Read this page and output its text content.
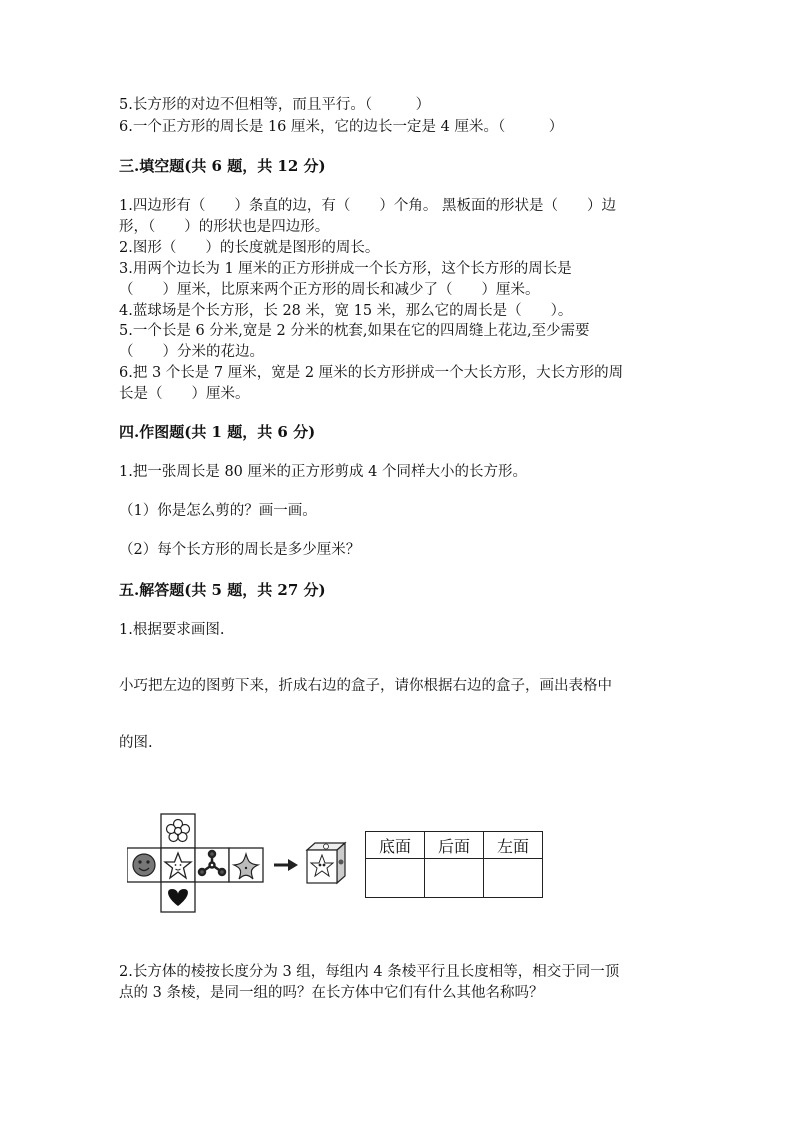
5.长方形的对边不但相等，而且平行。（　　　）
6.一个正方形的周长是 16 厘米，它的边长一定是 4 厘米。（　　　）
三.填空题(共 6 题，共 12 分)
1.四边形有（　　）条直的边，有（　　）个角。 黑板面的形状是（　　）边
形，（　　）的形状也是四边形。
2.图形（　　）的长度就是图形的周长。
3.用两个边长为 1 厘米的正方形拼成一个长方形，这个长方形的周长是
（　　）厘米，比原来两个正方形的周长和减少了（　　）厘米。
4.蓝球场是个长方形，长 28 米，宽 15 米，那么它的周长是（　　）。
5.一个长是 6 分米,宽是 2 分米的枕套,如果在它的四周缝上花边,至少需要
（　　）分米的花边。
6.把 3 个长是 7 厘米，宽是 2 厘米的长方形拼成一个大长方形，大长方形的周
长是（　　）厘米。
四.作图题(共 1 题，共 6 分)
1.把一张周长是 80 厘米的正方形剪成 4 个同样大小的长方形。
（1）你是怎么剪的？画一画。
（2）每个长方形的周长是多少厘米？
五.解答题(共 5 题，共 27 分)
1.根据要求画图.
小巧把左边的图剪下来，折成右边的盒子，请你根据右边的盒子，画出表格中
的图.
底面	后面	左面

2.长方体的棱按长度分为 3 组，每组内 4 条棱平行且长度相等，相交于同一顶
点的 3 条棱，是同一组的吗？在长方体中它们有什么其他名称吗？
